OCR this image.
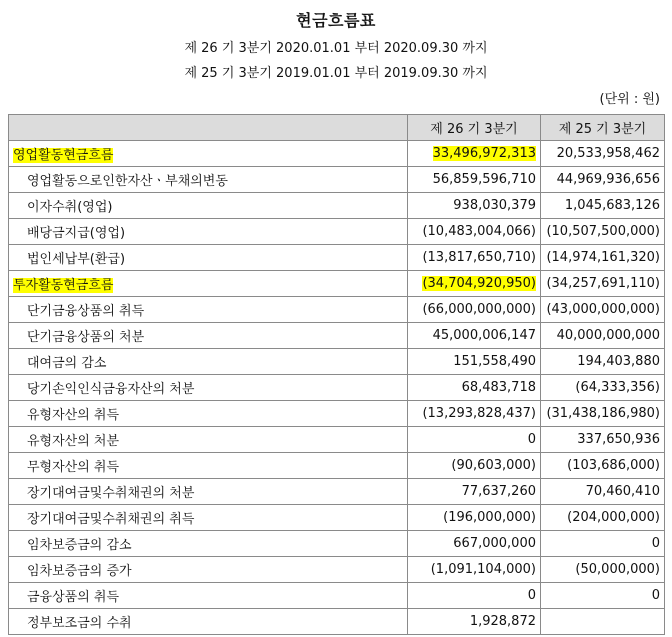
현금흐름표
제 26 기 3분기 2020.01.01 부터 2020.09.30 까지
제 25 기 3분기 2019.01.01 부터 2019.09.30 까지
(단위 : 원)
	제 26 기 3분기	제 25 기 3분기
영업활동현금흐름	33,496,972,313	20,533,958,462
영업활동으로인한자산ㆍ부채의변동	56,859,596,710	44,969,936,656
이자수취(영업)	938,030,379	1,045,683,126
배당금지급(영업)	(10,483,004,066)	(10,507,500,000)
법인세납부(환급)	(13,817,650,710)	(14,974,161,320)
투자활동현금흐름	(34,704,920,950)	(34,257,691,110)
단기금융상품의 취득	(66,000,000,000)	(43,000,000,000)
단기금융상품의 처분	45,000,006,147	40,000,000,000
대여금의 감소	151,558,490	194,403,880
당기손익인식금융자산의 처분	68,483,718	(64,333,356)
유형자산의 취득	(13,293,828,437)	(31,438,186,980)
유형자산의 처분	0	337,650,936
무형자산의 취득	(90,603,000)	(103,686,000)
장기대여금및수취채권의 처분	77,637,260	70,460,410
장기대여금및수취채권의 취득	(196,000,000)	(204,000,000)
임차보증금의 감소	667,000,000	0
임차보증금의 증가	(1,091,104,000)	(50,000,000)
금융상품의 취득	0	0
정부보조금의 수취	1,928,872	
